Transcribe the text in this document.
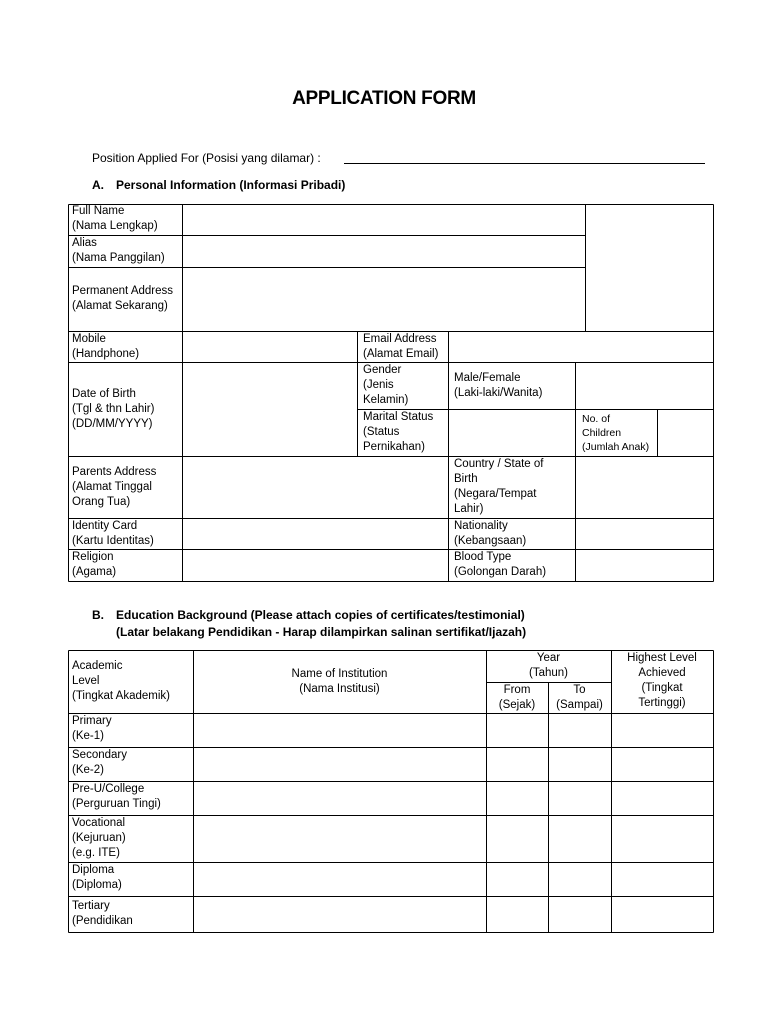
APPLICATION FORM
Position Applied For (Posisi yang dilamar) :
A. Personal Information (Informasi Pribadi)
Full Name
(Nama Lengkap)
Alias
(Nama Panggilan)
Permanent Address
(Alamat Sekarang)
Mobile
(Handphone)
Email Address
(Alamat Email)
Date of Birth
(Tgl & thn Lahir)
(DD/MM/YYYY)
Gender
(Jenis
Kelamin)
Male/Female
(Laki-laki/Wanita)
Marital Status
(Status
Pernikahan)
No. of
Children
(Jumlah Anak)
Parents Address
(Alamat Tinggal
Orang Tua)
Country / State of
Birth
(Negara/Tempat
Lahir)
Identity Card
(Kartu Identitas)
Nationality
(Kebangsaan)
Religion
(Agama)
Blood Type
(Golongan Darah)
B. Education Background (Please attach copies of certificates/testimonial)
(Latar belakang Pendidikan - Harap dilampirkan salinan sertifikat/Ijazah)
Academic
Level
(Tingkat Akademik)
Name of Institution
(Nama Institusi)
Year
(Tahun)
From
(Sejak)
To
(Sampai)
Highest Level
Achieved
(Tingkat
Tertinggi)
Primary
(Ke-1)
Secondary
(Ke-2)
Pre-U/College
(Perguruan Tingi)
Vocational
(Kejuruan)
(e.g. ITE)
Diploma
(Diploma)
Tertiary
(Pendidikan
